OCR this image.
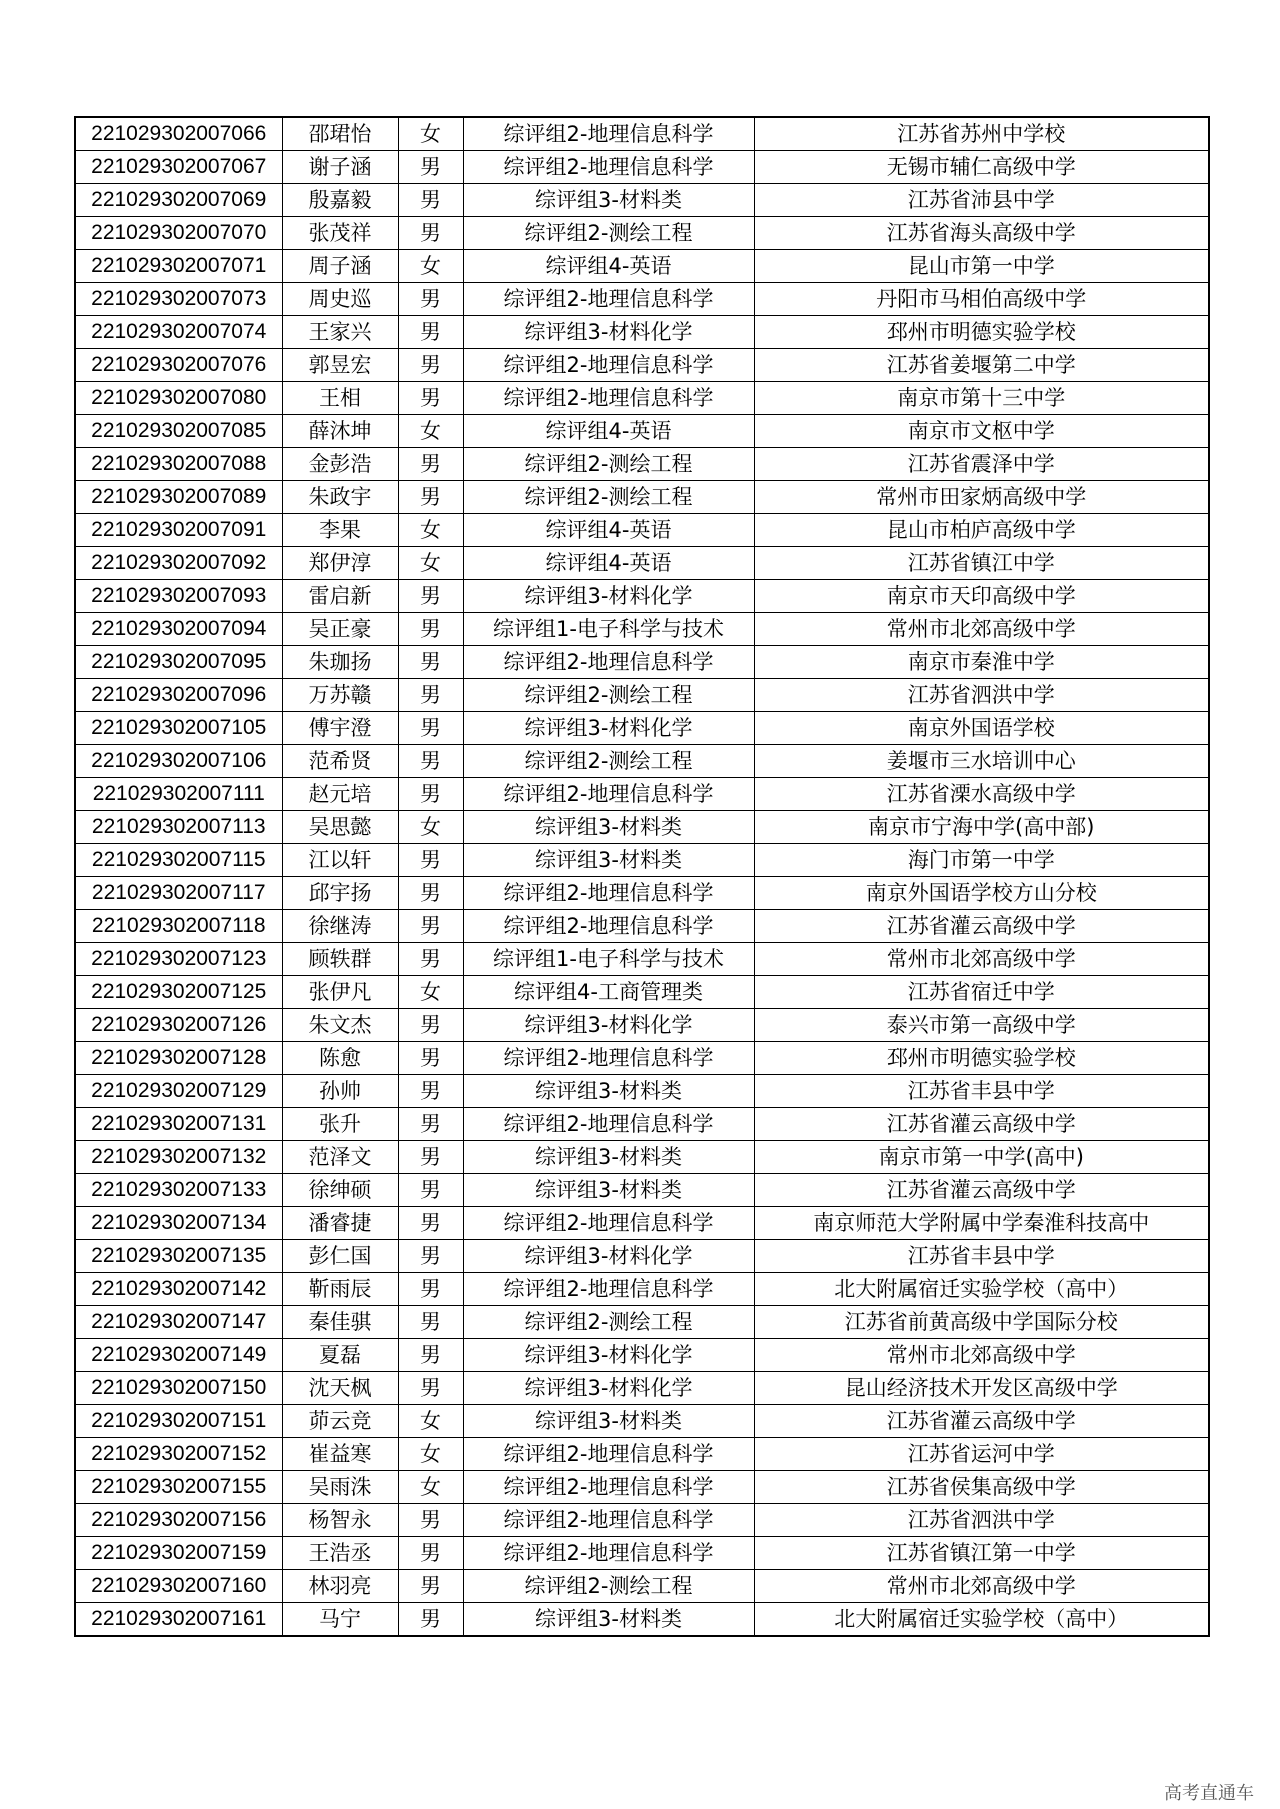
221029302007066	邵珺怡	女	综评组2-地理信息科学	江苏省苏州中学校
221029302007067	谢子涵	男	综评组2-地理信息科学	无锡市辅仁高级中学
221029302007069	殷嘉毅	男	综评组3-材料类	江苏省沛县中学
221029302007070	张茂祥	男	综评组2-测绘工程	江苏省海头高级中学
221029302007071	周子涵	女	综评组4-英语	昆山市第一中学
221029302007073	周史巡	男	综评组2-地理信息科学	丹阳市马相伯高级中学
221029302007074	王家兴	男	综评组3-材料化学	邳州市明德实验学校
221029302007076	郭昱宏	男	综评组2-地理信息科学	江苏省姜堰第二中学
221029302007080	王相	男	综评组2-地理信息科学	南京市第十三中学
221029302007085	薛沐坤	女	综评组4-英语	南京市文枢中学
221029302007088	金彭浩	男	综评组2-测绘工程	江苏省震泽中学
221029302007089	朱政宇	男	综评组2-测绘工程	常州市田家炳高级中学
221029302007091	李果	女	综评组4-英语	昆山市柏庐高级中学
221029302007092	郑伊淳	女	综评组4-英语	江苏省镇江中学
221029302007093	雷启新	男	综评组3-材料化学	南京市天印高级中学
221029302007094	吴正豪	男	综评组1-电子科学与技术	常州市北郊高级中学
221029302007095	朱珈扬	男	综评组2-地理信息科学	南京市秦淮中学
221029302007096	万苏赣	男	综评组2-测绘工程	江苏省泗洪中学
221029302007105	傅宇澄	男	综评组3-材料化学	南京外国语学校
221029302007106	范希贤	男	综评组2-测绘工程	姜堰市三水培训中心
221029302007111	赵元培	男	综评组2-地理信息科学	江苏省溧水高级中学
221029302007113	吴思懿	女	综评组3-材料类	南京市宁海中学(高中部)
221029302007115	江以轩	男	综评组3-材料类	海门市第一中学
221029302007117	邱宇扬	男	综评组2-地理信息科学	南京外国语学校方山分校
221029302007118	徐继涛	男	综评组2-地理信息科学	江苏省灌云高级中学
221029302007123	顾轶群	男	综评组1-电子科学与技术	常州市北郊高级中学
221029302007125	张伊凡	女	综评组4-工商管理类	江苏省宿迁中学
221029302007126	朱文杰	男	综评组3-材料化学	泰兴市第一高级中学
221029302007128	陈愈	男	综评组2-地理信息科学	邳州市明德实验学校
221029302007129	孙帅	男	综评组3-材料类	江苏省丰县中学
221029302007131	张升	男	综评组2-地理信息科学	江苏省灌云高级中学
221029302007132	范泽文	男	综评组3-材料类	南京市第一中学(高中)
221029302007133	徐绅硕	男	综评组3-材料类	江苏省灌云高级中学
221029302007134	潘睿捷	男	综评组2-地理信息科学	南京师范大学附属中学秦淮科技高中
221029302007135	彭仁国	男	综评组3-材料化学	江苏省丰县中学
221029302007142	靳雨辰	男	综评组2-地理信息科学	北大附属宿迁实验学校（高中）
221029302007147	秦佳骐	男	综评组2-测绘工程	江苏省前黄高级中学国际分校
221029302007149	夏磊	男	综评组3-材料化学	常州市北郊高级中学
221029302007150	沈天枫	男	综评组3-材料化学	昆山经济技术开发区高级中学
221029302007151	茆云竞	女	综评组3-材料类	江苏省灌云高级中学
221029302007152	崔益寒	女	综评组2-地理信息科学	江苏省运河中学
221029302007155	吴雨洙	女	综评组2-地理信息科学	江苏省侯集高级中学
221029302007156	杨智永	男	综评组2-地理信息科学	江苏省泗洪中学
221029302007159	王浩丞	男	综评组2-地理信息科学	江苏省镇江第一中学
221029302007160	林羽亮	男	综评组2-测绘工程	常州市北郊高级中学
221029302007161	马宁	男	综评组3-材料类	北大附属宿迁实验学校（高中）
高考直通车
